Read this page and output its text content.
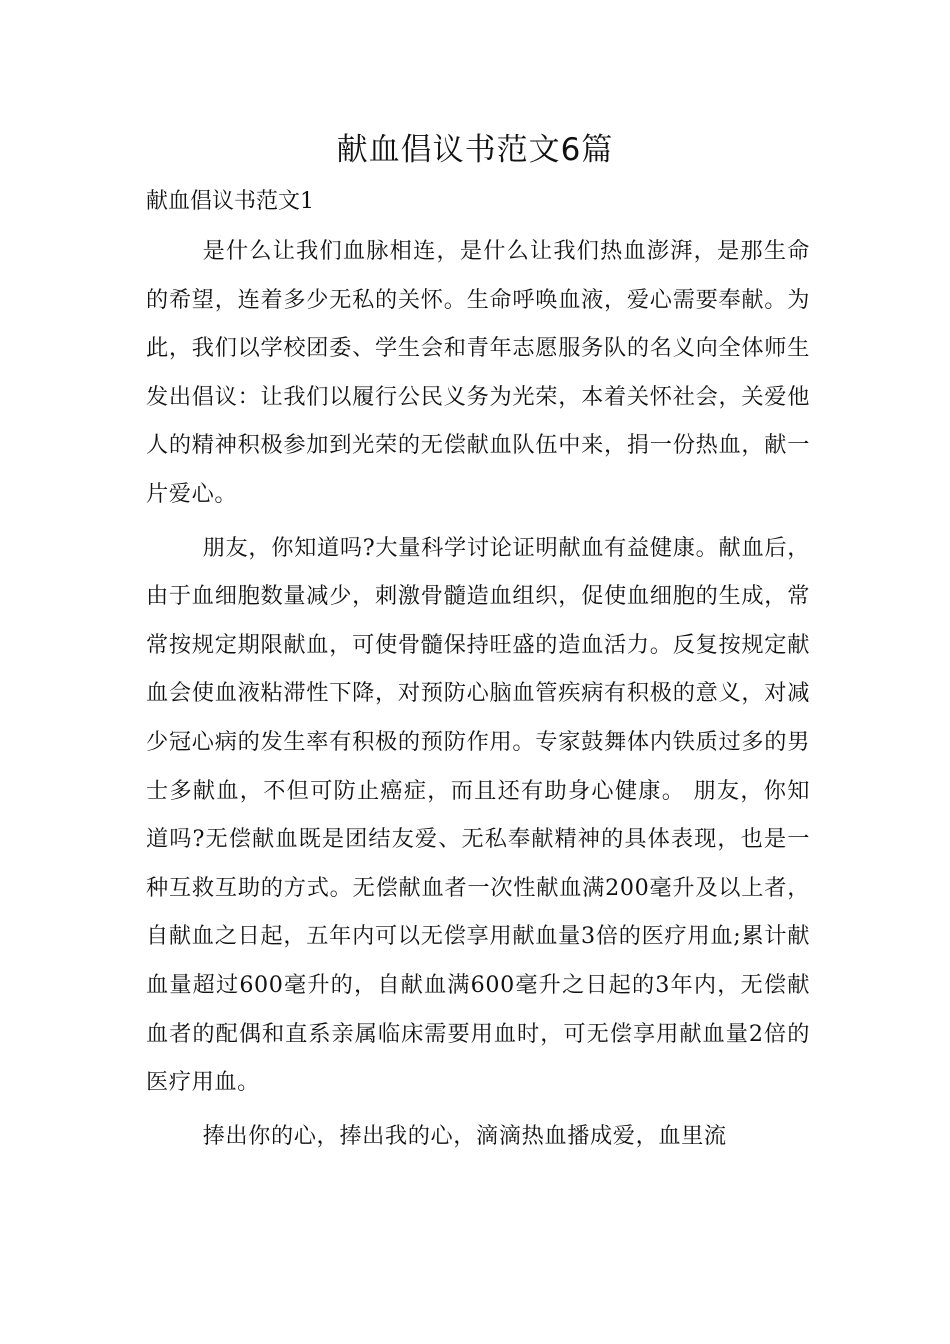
献血倡议书范文6篇

献血倡议书范文1

是什么让我们血脉相连，是什么让我们热血澎湃，是那生命的希望，连着多少无私的关怀。生命呼唤血液，爱心需要奉献。为此，我们以学校团委、学生会和青年志愿服务队的名义向全体师生发出倡议：让我们以履行公民义务为光荣，本着关怀社会，关爱他人的精神积极参加到光荣的无偿献血队伍中来，捐一份热血，献一片爱心。

朋友，你知道吗?大量科学讨论证明献血有益健康。献血后，由于血细胞数量减少，刺激骨髓造血组织，促使血细胞的生成，常常按规定期限献血，可使骨髓保持旺盛的造血活力。反复按规定献血会使血液粘滞性下降，对预防心脑血管疾病有积极的意义，对减少冠心病的发生率有积极的预防作用。专家鼓舞体内铁质过多的男士多献血，不但可防止癌症，而且还有助身心健康。 朋友，你知道吗?无偿献血既是团结友爱、无私奉献精神的具体表现，也是一种互救互助的方式。无偿献血者一次性献血满200毫升及以上者，自献血之日起，五年内可以无偿享用献血量3倍的医疗用血;累计献血量超过600毫升的，自献血满600毫升之日起的3年内，无偿献血者的配偶和直系亲属临床需要用血时，可无偿享用献血量2倍的医疗用血。

捧出你的心，捧出我的心，滴滴热血播成爱，血里流
